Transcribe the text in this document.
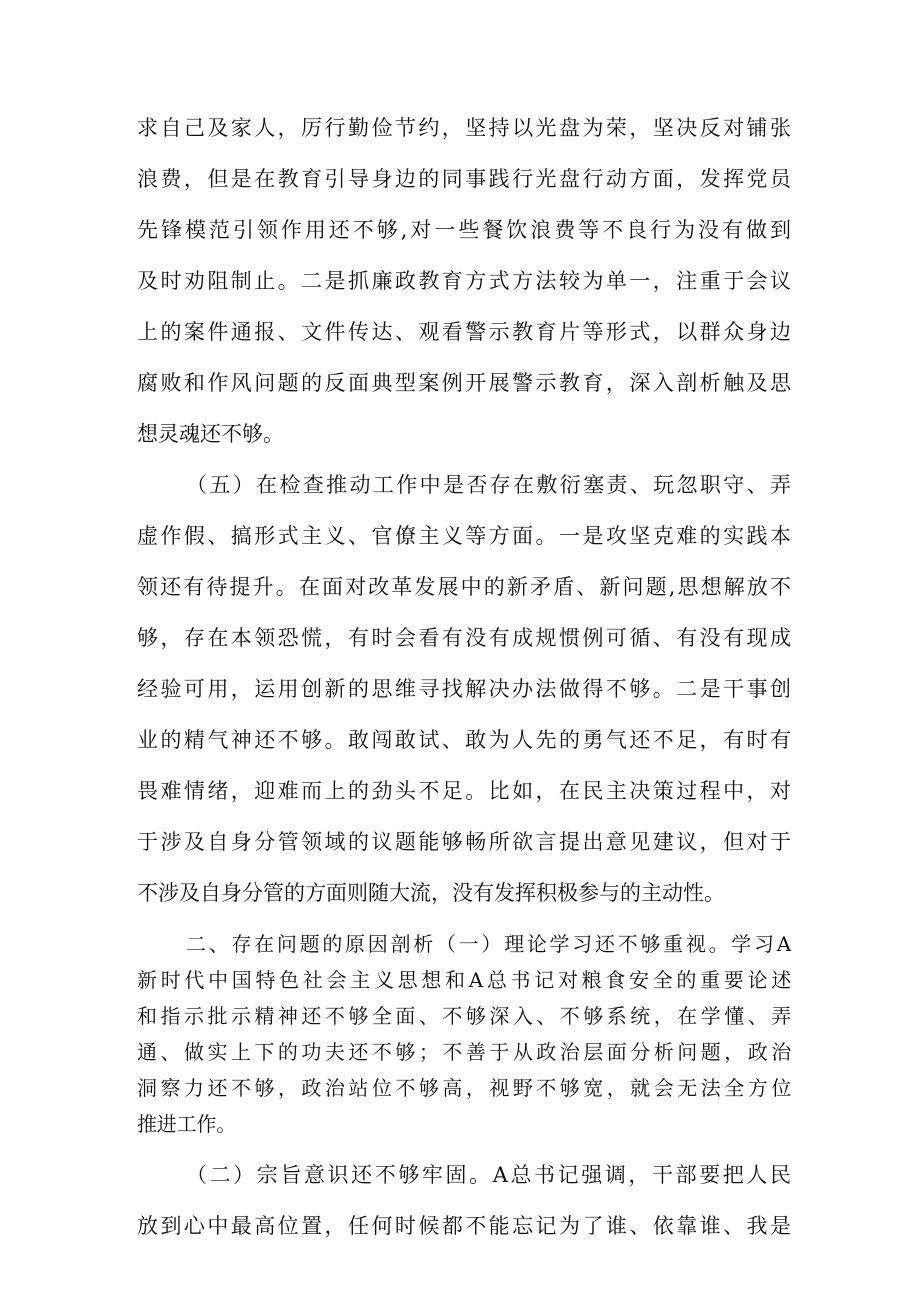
求自己及家人，厉行勤俭节约，坚持以光盘为荣，坚决反对铺张
浪费，但是在教育引导身边的同事践行光盘行动方面，发挥党员
先锋模范引领作用还不够,对一些餐饮浪费等不良行为没有做到
及时劝阻制止。二是抓廉政教育方式方法较为单一，注重于会议
上的案件通报、文件传达、观看警示教育片等形式，以群众身边
腐败和作风问题的反面典型案例开展警示教育，深入剖析触及思
想灵魂还不够。
（五）在检查推动工作中是否存在敷衍塞责、玩忽职守、弄
虚作假、搞形式主义、官僚主义等方面。一是攻坚克难的实践本
领还有待提升。在面对改革发展中的新矛盾、新问题,思想解放不
够，存在本领恐慌，有时会看有没有成规惯例可循、有没有现成
经验可用，运用创新的思维寻找解决办法做得不够。二是干事创
业的精气神还不够。敢闯敢试、敢为人先的勇气还不足，有时有
畏难情绪，迎难而上的劲头不足。比如，在民主决策过程中，对
于涉及自身分管领域的议题能够畅所欲言提出意见建议，但对于
不涉及自身分管的方面则随大流，没有发挥积极参与的主动性。
二、存在问题的原因剖析（一）理论学习还不够重视。学习A
新时代中国特色社会主义思想和A总书记对粮食安全的重要论述
和指示批示精神还不够全面、不够深入、不够系统，在学懂、弄
通、做实上下的功夫还不够；不善于从政治层面分析问题，政治
洞察力还不够，政治站位不够高，视野不够宽，就会无法全方位
推进工作。
（二）宗旨意识还不够牢固。A总书记强调，干部要把人民
放到心中最高位置，任何时候都不能忘记为了谁、依靠谁、我是
